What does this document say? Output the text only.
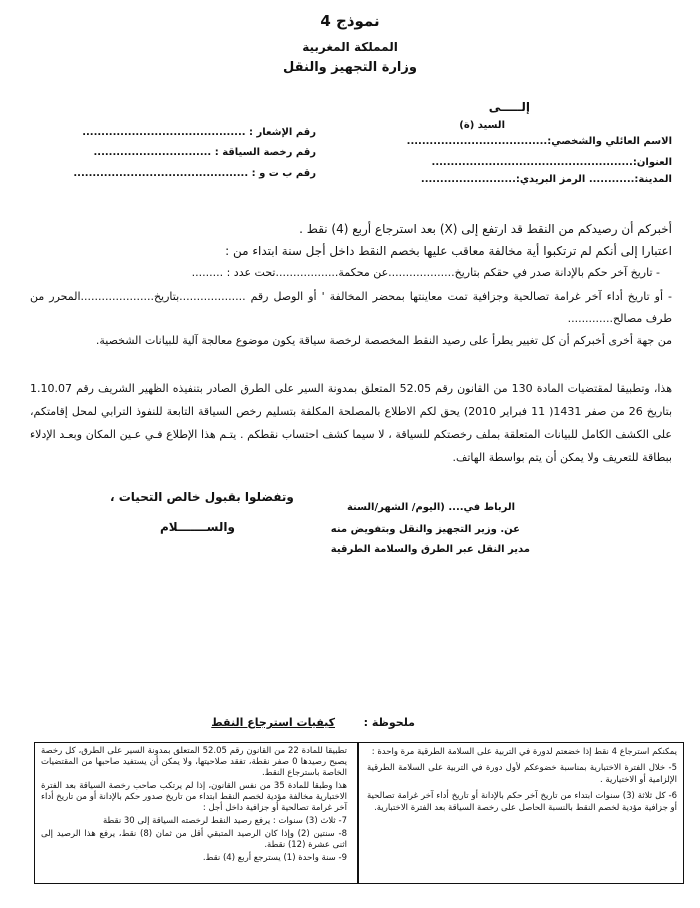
نموذج 4
المملكة المغربية
وزارة التجهيز والنقل
إلـــــى
السيد (ة)
الاسم العائلي والشخصي:.....................................
العنوان:.....................................................
المدينة:............ الرمز البريدي:.........................
رقم الإشعار : ...........................................
رقم رخصة السياقة : ...............................
رقم ب ت و : ..............................................
أخبركم أن رصيدكم من النقط قد ارتفع إلى (X) بعد استرجاع أربع (4) نقط .
اعتبارا إلى أنكم لم ترتكبوا أية مخالفة معاقب عليها بخصم النقط داخل أجل سنة ابتداء من :
- تاريخ آخر حكم بالإدانة صدر في حقكم بتاريخ...................عن محكمة..................تحت عدد : .........
- أو تاريخ أداء آخر غرامة تصالحية وجزافية تمت معاينتها بمحضر المخالفة ' أو الوصل رقم ...................بتاريخ.....................المحرر من طرف مصالح.............
من جهة أخرى أخبركم أن كل تغيير يطرأ على رصيد النقط المخصصة لرخصة سياقة يكون موضوع معالجة آلية للبيانات الشخصية.
هذا، وتطبيقا لمقتضيات المادة 130 من القانون رقم 52.05 المتعلق بمدونة السير على الطرق الصادر بتنفيذه الظهير الشريف رقم 1.10.07 بتاريخ 26 من صفر 1431( 11 فبراير 2010) يحق لكم الاطلاع بالمصلحة المكلفة بتسليم رخص السياقة التابعة للنفوذ الترابي لمحل إقامتكم، على الكشف الكامل للبيانات المتعلقة بملف رخصتكم للسياقة ، لا سيما كشف احتساب نقطكم . يتـم هذا الإطلاع فـي عـين المكان وبعـد الإدلاء ببطاقة للتعريف ولا يمكن أن يتم بواسطة الهاتف.
وتفضلوا بقبول خالص التحيات ،
والســـــــلام
الرباط في.... (اليوم/ الشهر/السنة
عن. وزير التجهيز والنقل وبتفويض منه
مدير النقل عبر الطرق والسلامة الطرقية
ملحوظة :
كيفيات استرجاع النقط
يمكنكم استرجاع 4 نقط إذا خضعتم لدورة في التربية على السلامة الطرقية مرة واحدة :
5- خلال الفترة الاختبارية بمناسبة خضوعكم لأول دورة في التربية على السلامة الطرقية الإلزامية أو الاختيارية .
6- كل ثلاثة (3) سنوات ابتداء من تاريخ آخر حكم بالإدانة أو تاريخ أداء آخر غرامة تصالحية أو جزافية مؤدية لخصم النقط بالنسبة الحاصل على رخصة السياقة بعد الفترة الاختبارية.
تطبيقا للمادة 22 من القانون رقم 52.05 المتعلق بمدونة السير على الطرق، كل رخصة يصبح رصيدها 0 صفر نقطة، تفقد صلاحيتها، ولا يمكن أن يستفيد صاحبها من المقتضيات الخاصة باسترجاع النقط.
هذا وطبقا للمادة 35 من نفس القانون، إذا لم يرتكب صاحب رخصة السياقة بعد الفترة الاختبارية مخالفة مؤدية لخصم النقط ابتداء من تاريخ صدور حكم بالإدانة أو من تاريخ أداء آخر غرامة تصالحية أو جزافية داخل أجل :
7- ثلاث (3) سنوات : يرفع رصيد النقط لرخصته السياقة إلى 30 نقطة
8- سنتين (2) وإذا كان الرصيد المتبقي أقل من ثمان (8) نقط، يرفع هذا الرصيد إلى اثنى عشرة (12) نقطة.
9- سنة واحدة (1) يسترجع أربع (4) نقط.
